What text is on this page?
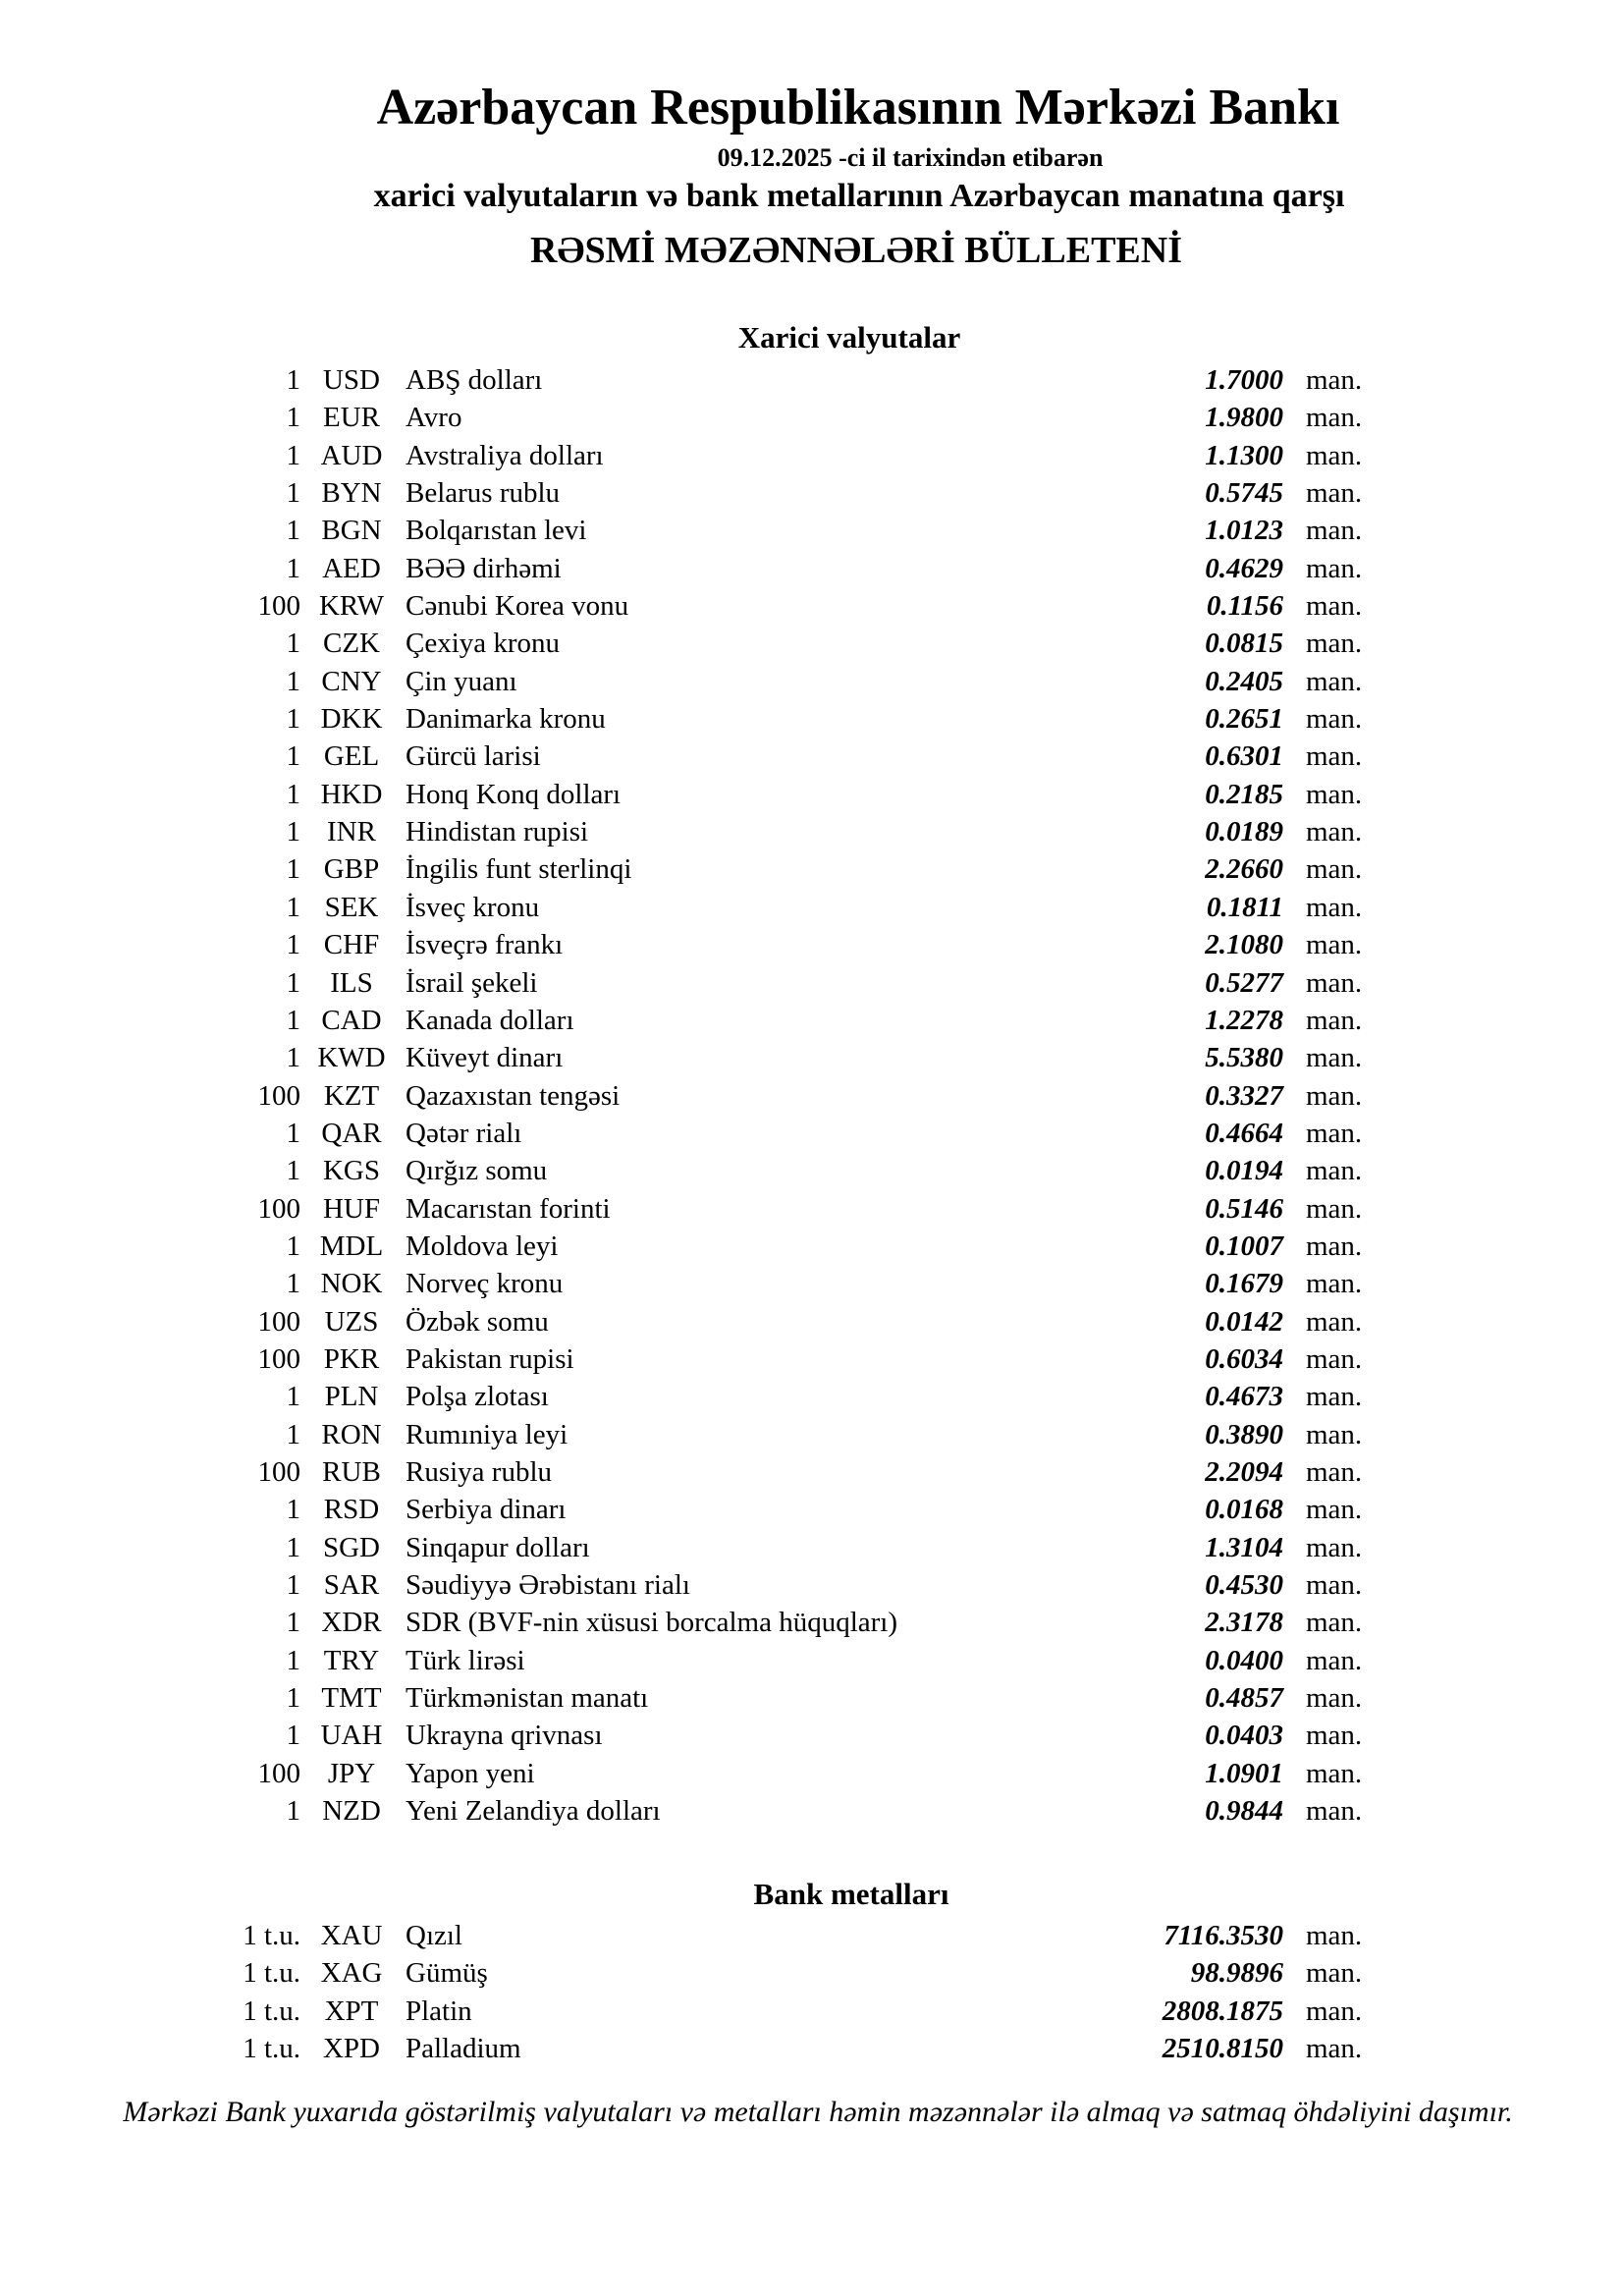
Azərbaycan Respublikasının Mərkəzi Bankı
09.12.2025 -ci il tarixindən etibarən
xarici valyutaların və bank metallarının Azərbaycan manatına qarşı
RƏSMİ MƏZƏNNƏLƏRİ BÜLLETENİ
Xarici valyutalar
1 USD ABŞ dolları	1.7000 man.
1 EUR Avro	1.9800 man.
1 AUD Avstraliya dolları	1.1300 man.
1 BYN Belarus rublu	0.5745 man.
1 BGN Bolqarıstan levi	1.0123 man.
1 AED BƏƏ dirhəmi	0.4629 man.
100 KRW Cənubi Korea vonu	0.1156 man.
1 CZK Çexiya kronu	0.0815 man.
1 CNY Çin yuanı	0.2405 man.
1 DKK Danimarka kronu	0.2651 man.
1 GEL Gürcü larisi	0.6301 man.
1 HKD Honq Konq dolları	0.2185 man.
1 INR	Hindistan rupisi	0.0189 man.
1 GBP İngilis funt sterlinqi	2.2660 man.
1 SEK İsveç kronu	0.1811 man.
1 CHF İsveçrə frankı	2.1080 man.
1	ILS	İsrail şekeli	0.5277 man.
1 CAD Kanada dolları	1.2278 man.
1 KWD Küveyt dinarı	5.5380 man.
100 KZT Qazaxıstan tengəsi	0.3327 man.
1 QAR Qətər rialı	0.4664 man.
1 KGS Qırğız somu	0.0194 man.
100 HUF Macarıstan forinti	0.5146 man.
1 MDL Moldova leyi	0.1007 man.
1 NOK Norveç kronu	0.1679 man.
100 UZS Özbək somu	0.0142 man.
100 PKR Pakistan rupisi	0.6034 man.
1 PLN Polşa zlotası	0.4673 man.
1 RON Rumıniya leyi	0.3890 man.
100 RUB Rusiya rublu	2.2094 man.
1 RSD Serbiya dinarı	0.0168 man.
1 SGD Sinqapur dolları	1.3104 man.
1 SAR Səudiyyə Ərəbistanı rialı	0.4530 man.
1 XDR SDR (BVF-nin xüsusi borcalma hüquqları)	2.3178 man.
1 TRY Türk lirəsi	0.0400 man.
1 TMT Türkmənistan manatı	0.4857 man.
1 UAH Ukrayna qrivnası	0.0403 man.
100 JPY	Yapon yeni	1.0901 man.
1 NZD Yeni Zelandiya dolları	0.9844 man.
Bank metalları
1 t.u. XAU Qızıl	7116.3530 man.
1 t.u. XAG Gümüş	98.9896 man.
1 t.u. XPT Platin	2808.1875 man.
1 t.u. XPD Palladium	2510.8150 man.
Mərkəzi Bank yuxarıda göstərilmiş valyutaları və metalları həmin məzənnələr ilə almaq və satmaq öhdəliyini daşımır.
